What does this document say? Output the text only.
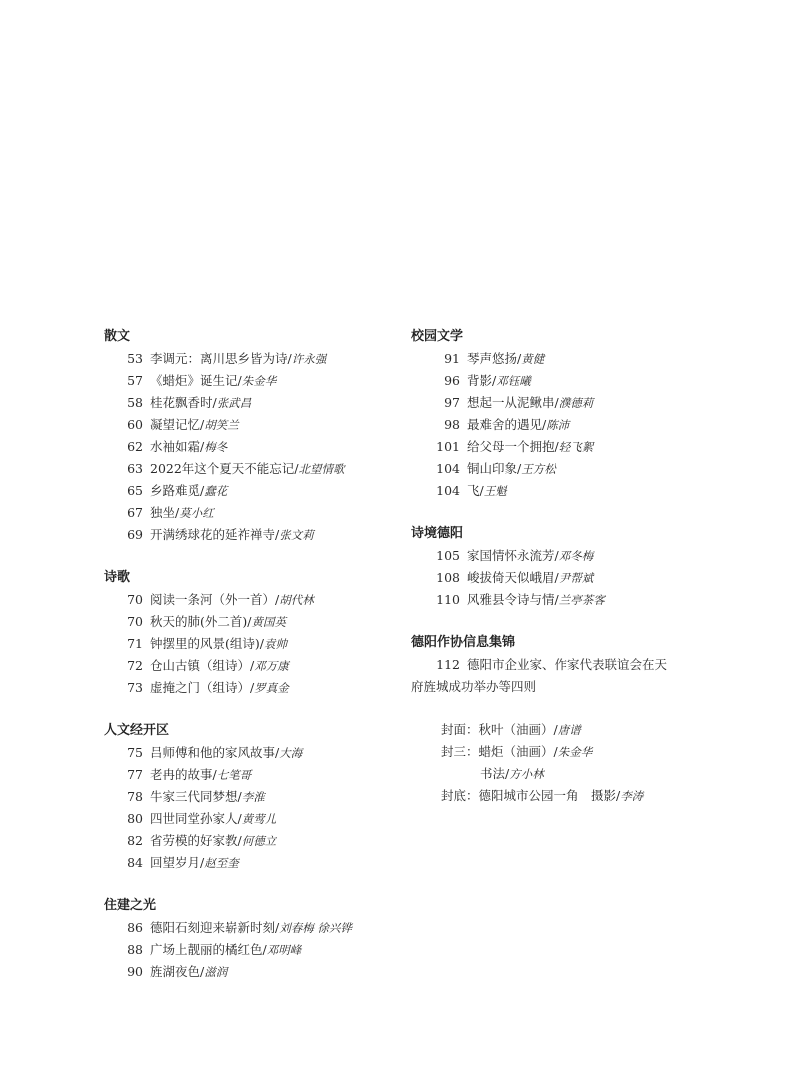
散文
53 李调元：离川思乡皆为诗/许永强
57 《蜡炬》诞生记/朱金华
58 桂花飘香时/张武昌
60 凝望记忆/胡笑兰
62 水袖如霜/梅冬
63 2022年这个夏天不能忘记/北望情歌
65 乡路难觅/蠢花
67 独坐/莫小红
69 开满绣球花的延祚禅寺/张文莉
诗歌
70 阅读一条河（外一首）/胡代林
70 秋天的肺(外二首)/黄国英
71 钟摆里的风景(组诗)/袁帅
72 仓山古镇（组诗）/邓万康
73 虚掩之门（组诗）/罗真金
人文经开区
75 吕师傅和他的家风故事/大海
77 老冉的故事/七笔哥
78 牛家三代同梦想/李淮
80 四世同堂孙家人/黄莺儿
82 省劳模的好家教/何德立
84 回望岁月/赵至奎
住建之光
86 德阳石刻迎来崭新时刻/刘春梅 徐兴铧
88 广场上靓丽的橘红色/邓明峰
90 旌湖夜色/滋润
校园文学
91 琴声悠扬/黄健
96 背影/邓钰曦
97 想起一从泥鳅串/濮德莉
98 最难舍的遇见/陈沛
101 给父母一个拥抱/轻飞絮
104 铜山印象/王方松
104 飞/王魁
诗境德阳
105 家国情怀永流芳/邓冬梅
108 峻拔倚天似峨眉/尹帮斌
110 风雅县令诗与情/兰亭茶客
德阳作协信息集锦
112 德阳市企业家、作家代表联谊会在天
府旌城成功举办等四则
封面：秋叶（油画）/唐谱
封三：蜡炬（油画）/朱金华
书法/方小林
封底：德阳城市公园一角　摄影/李涛
